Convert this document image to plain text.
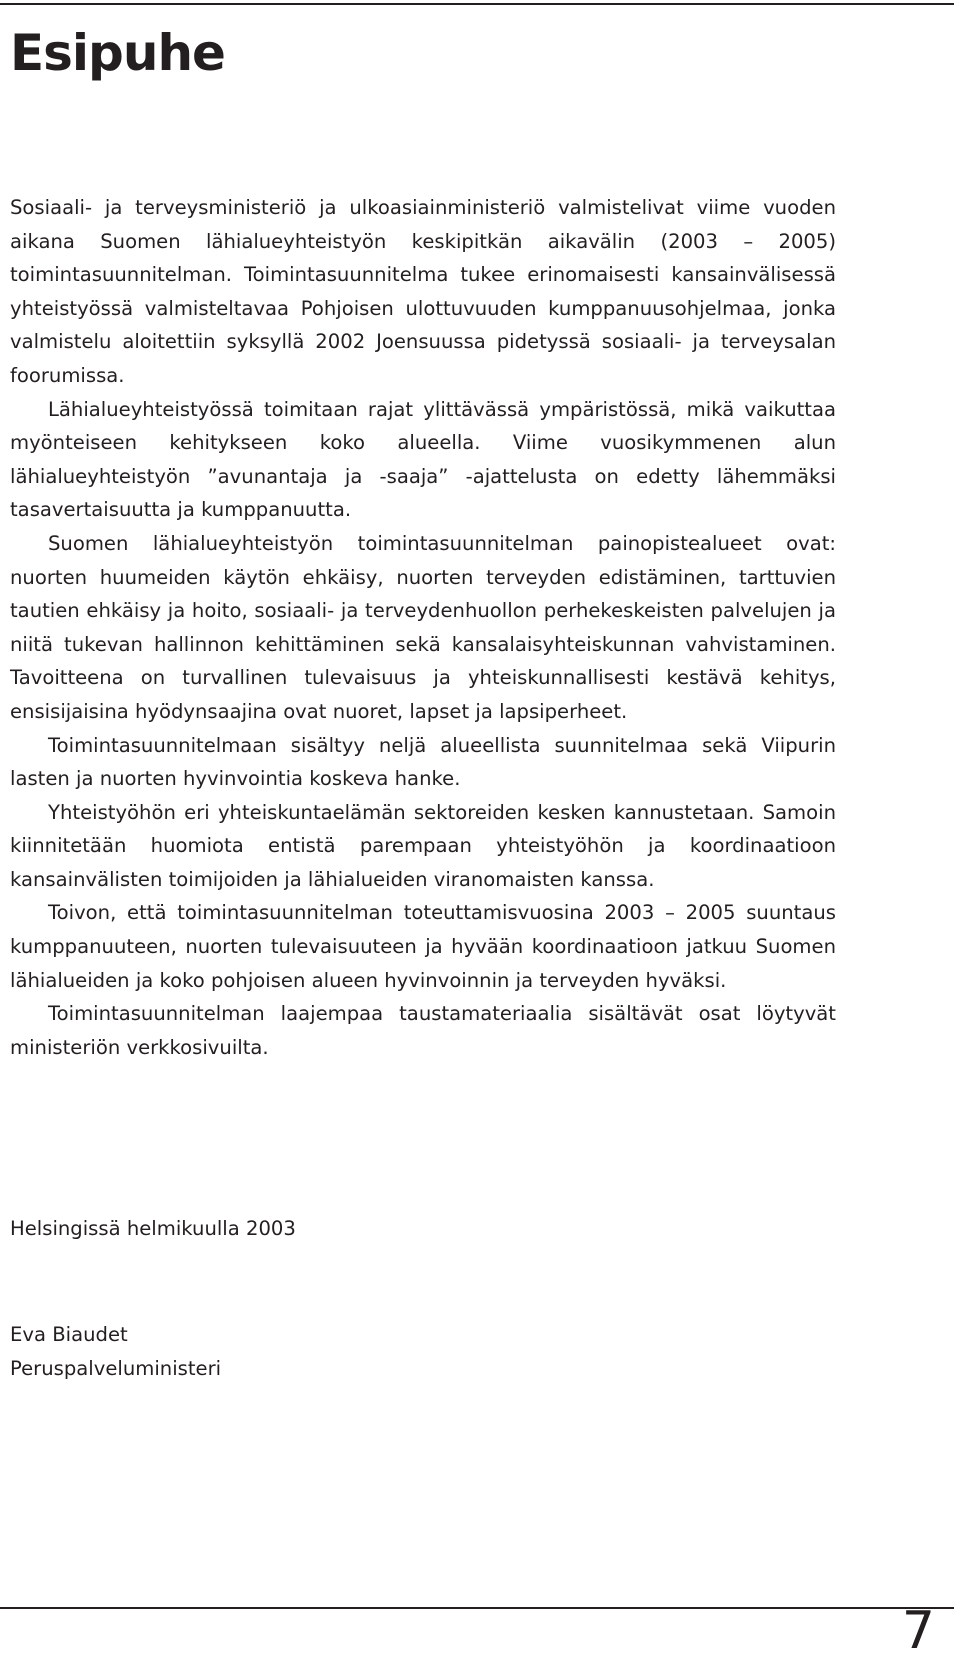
Esipuhe

Sosiaali- ja terveysministeriö ja ulkoasiainministeriö valmistelivat viime vuoden aikana Suomen lähialueyhteistyön keskipitkän aikavälin (2003 – 2005) toimintasuunnitelman. Toimintasuunnitelma tukee erinomaisesti kansainvälisessä yhteistyössä valmisteltavaa Pohjoisen ulottuvuuden kumppanuusohjelmaa, jonka valmistelu aloitettiin syksyllä 2002 Joensuussa pidetyssä sosiaali- ja terveysalan foorumissa.

Lähialueyhteistyössä toimitaan rajat ylittävässä ympäristössä, mikä vaikuttaa myönteiseen kehitykseen koko alueella. Viime vuosikymmenen alun lähialueyhteistyön ”avunantaja ja -saaja” -ajattelusta on edetty lähemmäksi tasavertaisuutta ja kumppanuutta.

Suomen lähialueyhteistyön toimintasuunnitelman painopistealueet ovat: nuorten huumeiden käytön ehkäisy, nuorten terveyden edistäminen, tarttuvien tautien ehkäisy ja hoito, sosiaali- ja terveydenhuollon perhekeskeisten palvelujen ja niitä tukevan hallinnon kehittäminen sekä kansalaisyhteiskunnan vahvistaminen. Tavoitteena on turvallinen tulevaisuus ja yhteiskunnallisesti kestävä kehitys, ensisijaisina hyödynsaajina ovat nuoret, lapset ja lapsiperheet.

Toimintasuunnitelmaan sisältyy neljä alueellista suunnitelmaa sekä Viipurin lasten ja nuorten hyvinvointia koskeva hanke.

Yhteistyöhön eri yhteiskuntaelämän sektoreiden kesken kannustetaan. Samoin kiinnitetään huomiota entistä parempaan yhteistyöhön ja koordinaatioon kansainvälisten toimijoiden ja lähialueiden viranomaisten kanssa.

Toivon, että toimintasuunnitelman toteuttamisvuosina 2003 – 2005 suuntaus kumppanuuteen, nuorten tulevaisuuteen ja hyvään koordinaatioon jatkuu Suomen lähialueiden ja koko pohjoisen alueen hyvinvoinnin ja terveyden hyväksi.

Toimintasuunnitelman laajempaa taustamateriaalia sisältävät osat löytyvät ministeriön verkkosivuilta.

Helsingissä helmikuulla 2003

Eva Biaudet
Peruspalveluministeri
7
